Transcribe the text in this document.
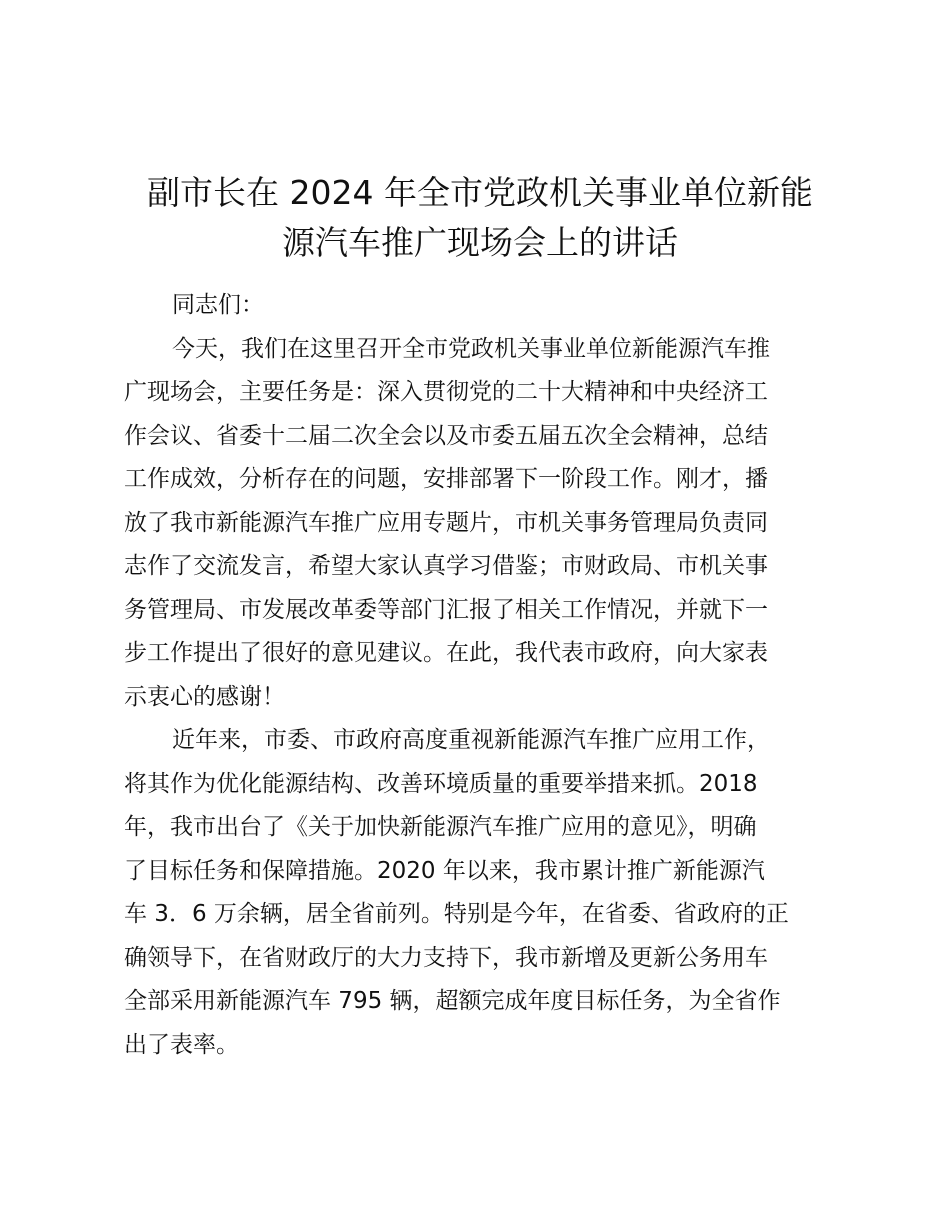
副市长在 2024 年全市党政机关事业单位新能
源汽车推广现场会上的讲话
同志们：
今天，我们在这里召开全市党政机关事业单位新能源汽车推
广现场会，主要任务是：深入贯彻党的二十大精神和中央经济工
作会议、省委十二届二次全会以及市委五届五次全会精神，总结
工作成效，分析存在的问题，安排部署下一阶段工作。刚才，播
放了我市新能源汽车推广应用专题片，市机关事务管理局负责同
志作了交流发言，希望大家认真学习借鉴；市财政局、市机关事
务管理局、市发展改革委等部门汇报了相关工作情况，并就下一
步工作提出了很好的意见建议。在此，我代表市政府，向大家表
示衷心的感谢！
近年来，市委、市政府高度重视新能源汽车推广应用工作，
将其作为优化能源结构、改善环境质量的重要举措来抓。2018
年，我市出台了《关于加快新能源汽车推广应用的意见》，明确
了目标任务和保障措施。2020 年以来，我市累计推广新能源汽
车 3．6 万余辆，居全省前列。特别是今年，在省委、省政府的正
确领导下，在省财政厅的大力支持下，我市新增及更新公务用车
全部采用新能源汽车 795 辆，超额完成年度目标任务，为全省作
出了表率。
